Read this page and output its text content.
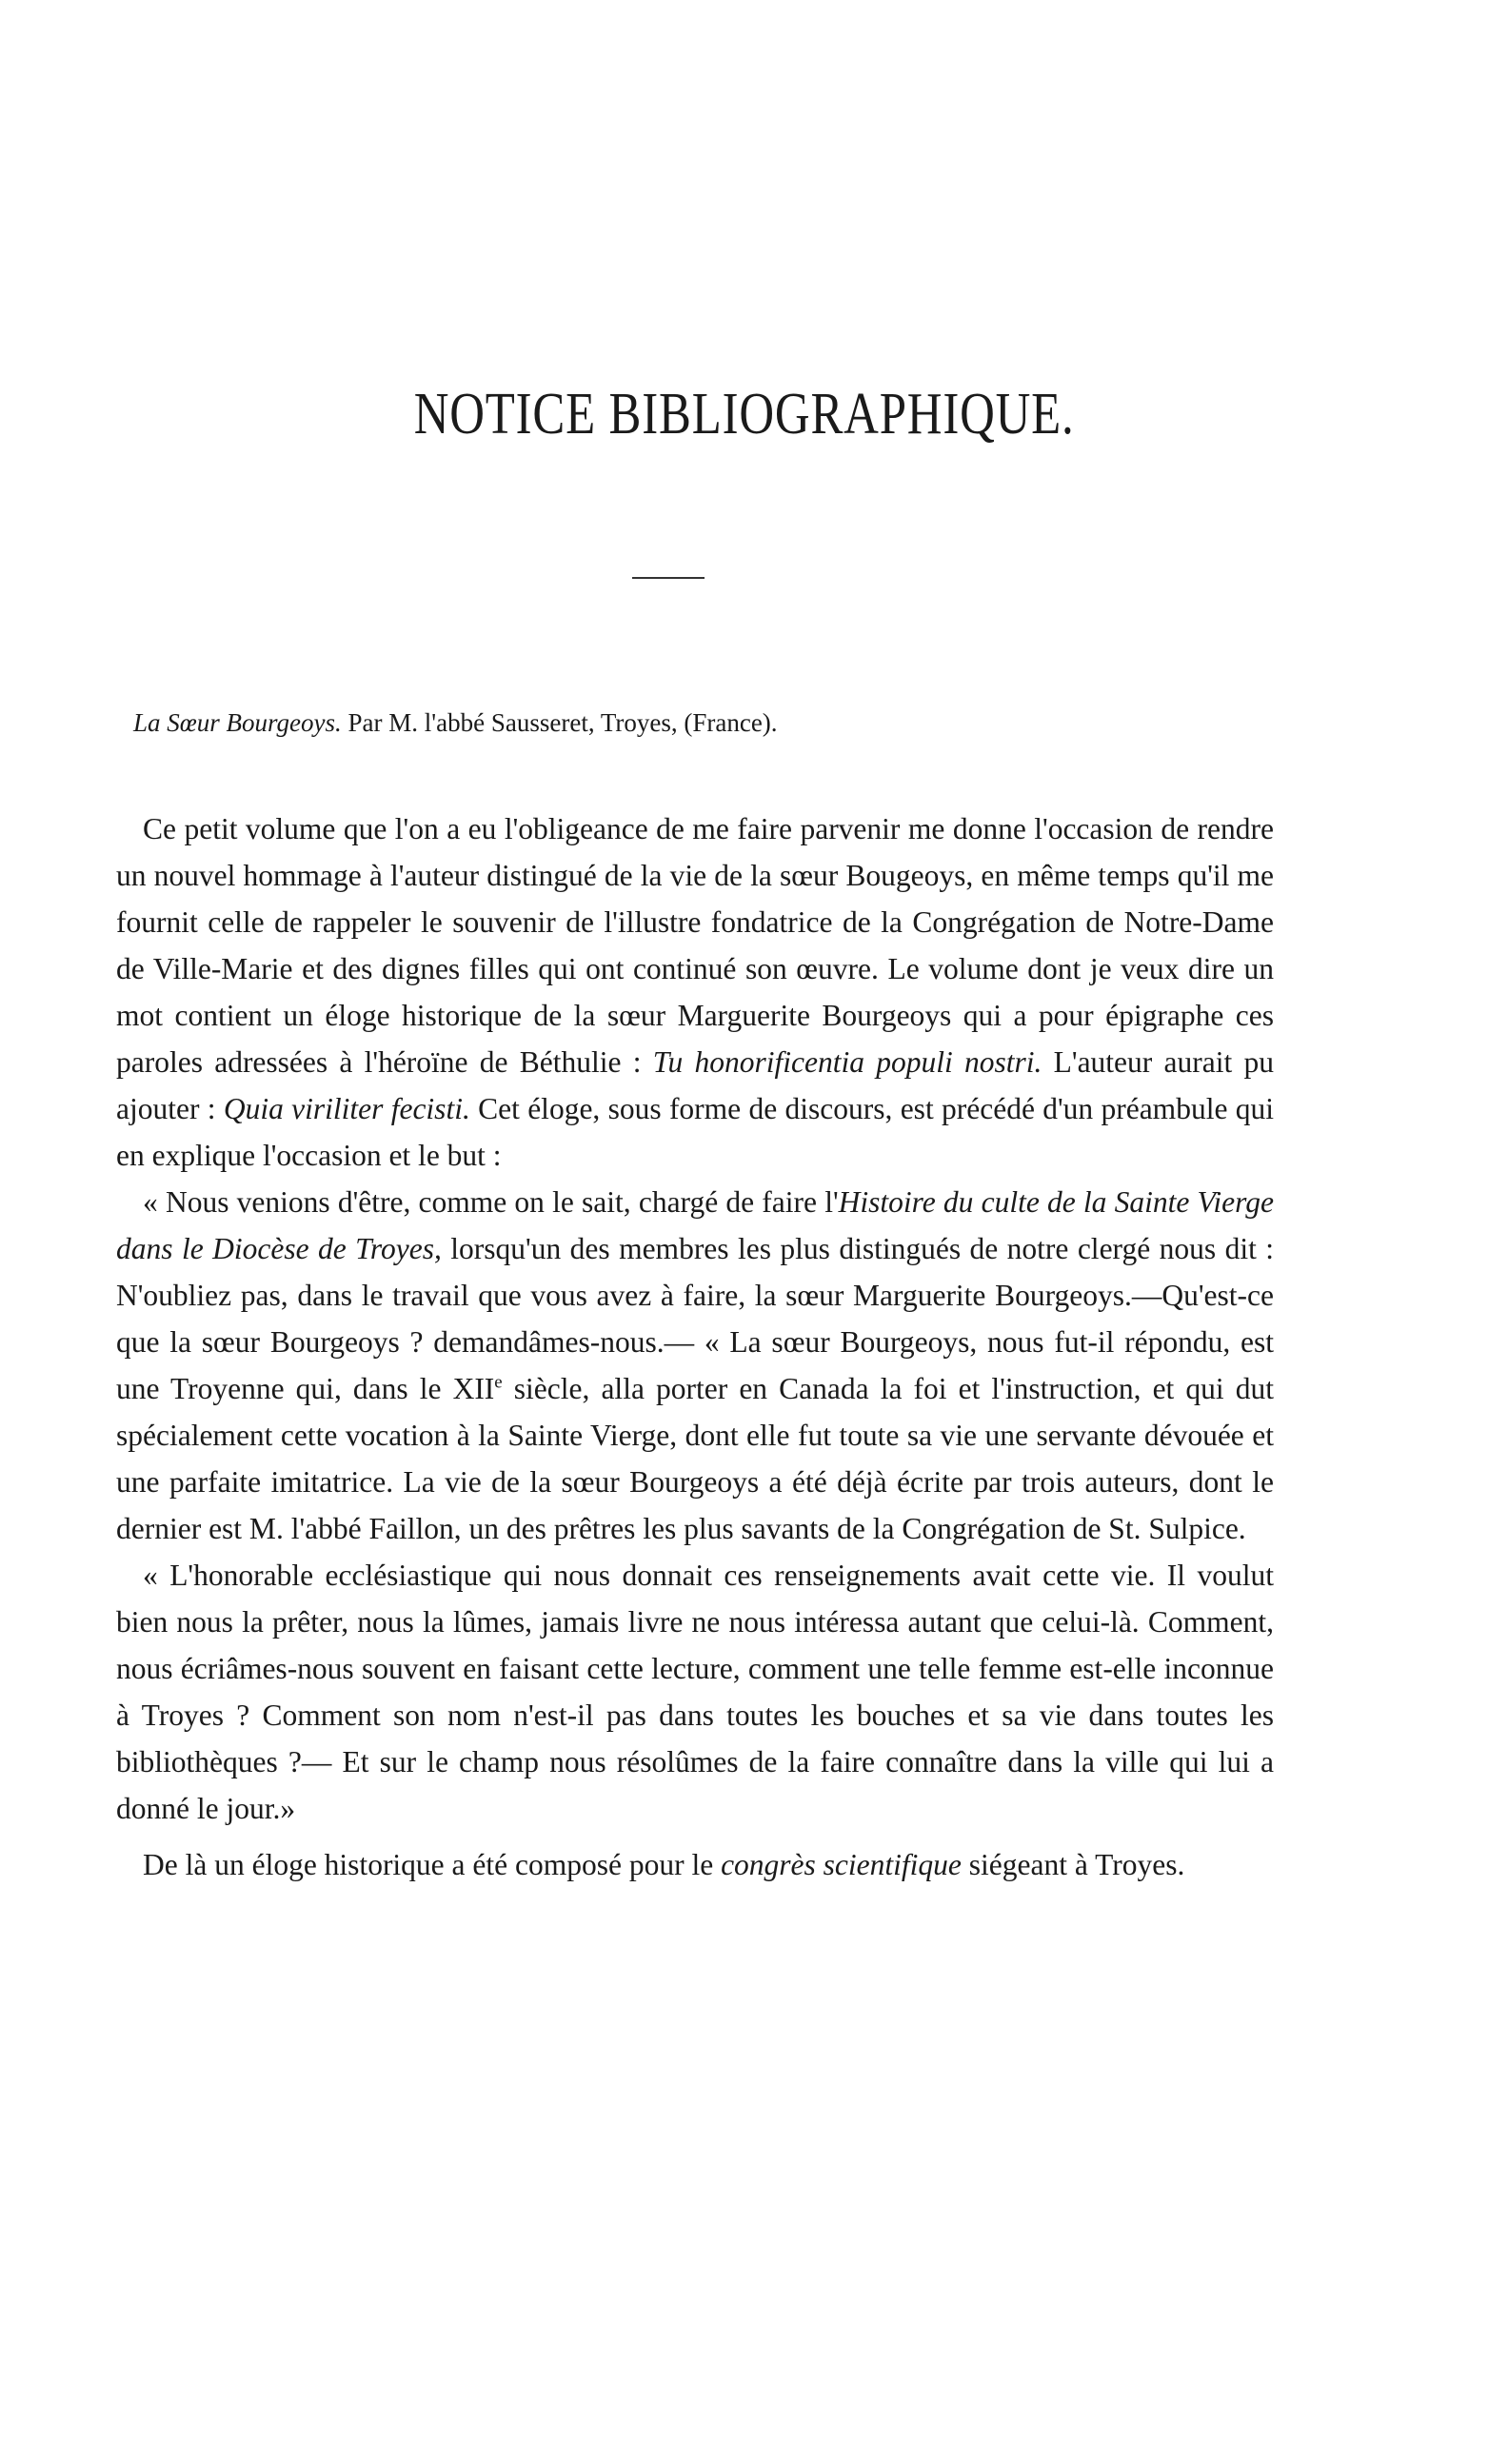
NOTICE BIBLIOGRAPHIQUE.

La Sœur Bourgeoys. Par M. l'abbé Sausseret, Troyes, (France).

Ce petit volume que l'on a eu l'obligeance de me faire parvenir me donne l'occasion de rendre un nouvel hommage à l'auteur distingué de la vie de la sœur Bougeoys, en même temps qu'il me fournit celle de rappeler le souvenir de l'illustre fondatrice de la Congrégation de Notre-Dame de Ville-Marie et des dignes filles qui ont continué son œuvre. Le volume dont je veux dire un mot contient un éloge historique de la sœur Marguerite Bourgeoys qui a pour épigraphe ces paroles adressées à l'héroïne de Béthulie : Tu honorificentia populi nostri. L'auteur aurait pu ajouter : Quia viriliter fecisti. Cet éloge, sous forme de discours, est précédé d'un préambule qui en explique l'occasion et le but :

« Nous venions d'être, comme on le sait, chargé de faire l'Histoire du culte de la Sainte Vierge dans le Diocèse de Troyes, lorsqu'un des membres les plus distingués de notre clergé nous dit : N'oubliez pas, dans le travail que vous avez à faire, la sœur Marguerite Bourgeoys.—Qu'est-ce que la sœur Bourgeoys ? demandâmes-nous.— « La sœur Bourgeoys, nous fut-il répondu, est une Troyenne qui, dans le XIIe siècle, alla porter en Canada la foi et l'instruction, et qui dut spécialement cette vocation à la Sainte Vierge, dont elle fut toute sa vie une servante dévouée et une parfaite imitatrice. La vie de la sœur Bourgeoys a été déjà écrite par trois auteurs, dont le dernier est M. l'abbé Faillon, un des prêtres les plus savants de la Congrégation de St. Sulpice.

« L'honorable ecclésiastique qui nous donnait ces renseignements avait cette vie. Il voulut bien nous la prêter, nous la lûmes, jamais livre ne nous intéressa autant que celui-là. Comment, nous écriâmes-nous souvent en faisant cette lecture, comment une telle femme est-elle inconnue à Troyes ? Comment son nom n'est-il pas dans toutes les bouches et sa vie dans toutes les bibliothèques ?— Et sur le champ nous résolûmes de la faire connaître dans la ville qui lui a donné le jour.»

De là un éloge historique a été composé pour le congrès scientifique siégeant à Troyes.
